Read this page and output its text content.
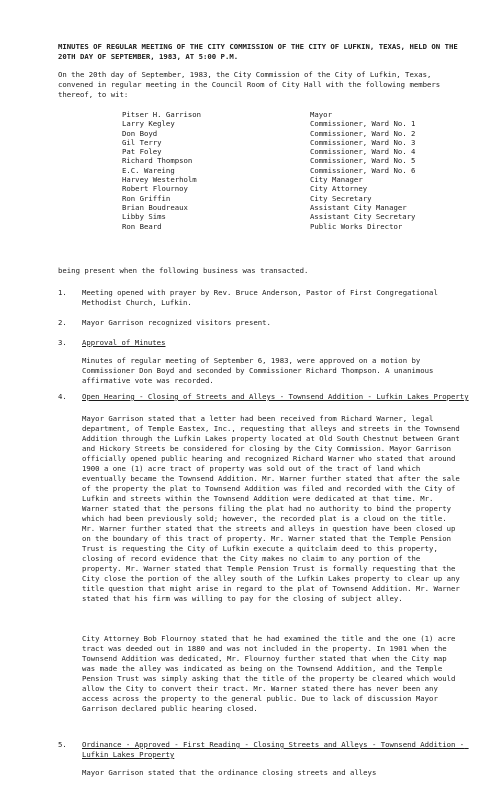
MINUTES OF REGULAR MEETING OF THE CITY COMMISSION OF THE CITY OF LUFKIN, TEXAS, HELD ON THE 20TH DAY OF SEPTEMBER, 1983, AT 5:00 P.M.
On the 20th day of September, 1983, the City Commission of the City of Lufkin, Texas, convened in regular meeting in the Council Room of City Hall with the following members thereof, to wit:
Pitser H. Garrison	Mayor
Larry Kegley	Commissioner, Ward No. 1
Don Boyd	Commissioner, Ward No. 2
Gil Terry	Commissioner, Ward No. 3
Pat Foley	Commissioner, Ward No. 4
Richard Thompson	Commissioner, Ward No. 5
E.C. Wareing	Commissioner, Ward No. 6
Harvey Westerholm	City Manager
Robert Flournoy	City Attorney
Ron Griffin	City Secretary
Brian Boudreaux	Assistant City Manager
Libby Sims	Assistant City Secretary
Ron Beard	Public Works Director
being present when the following business was transacted.
1. Meeting opened with prayer by Rev. Bruce Anderson, Pastor of First Congregational Methodist Church, Lufkin.
2. Mayor Garrison recognized visitors present.
3. Approval of Minutes
Minutes of regular meeting of September 6, 1983, were approved on a motion by Commissioner Don Boyd and seconded by Commissioner Richard Thompson. A unanimous affirmative vote was recorded.
4. Open Hearing - Closing of Streets and Alleys - Townsend Addition - Lufkin Lakes Property
Mayor Garrison stated that a letter had been received from Richard Warner, legal department, of Temple Eastex, Inc., requesting that alleys and streets in the Townsend Addition through the Lufkin Lakes property located at Old South Chestnut between Grant and Hickory Streets be considered for closing by the City Commission. Mayor Garrison officially opened public hearing and recognized Richard Warner who stated that around 1900 a one (1) acre tract of property was sold out of the tract of land which eventually became the Townsend Addition. Mr. Warner further stated that after the sale of the property the plat to Townsend Addition was filed and recorded with the City of Lufkin and streets within the Townsend Addition were dedicated at that time. Mr. Warner stated that the persons filing the plat had no authority to bind the property which had been previously sold; however, the recorded plat is a cloud on the title. Mr. Warner further stated that the streets and alleys in question have been closed up on the boundary of this tract of property. Mr. Warner stated that the Temple Pension Trust is requesting the City of Lufkin execute a quitclaim deed to this property, closing of record evidence that the City makes no claim to any portion of the property. Mr. Warner stated that Temple Pension Trust is formally requesting that the City close the portion of the alley south of the Lufkin Lakes property to clear up any title question that might arise in regard to the plat of Townsend Addition. Mr. Warner stated that his firm was willing to pay for the closing of subject alley.
City Attorney Bob Flournoy stated that he had examined the title and the one (1) acre tract was deeded out in 1880 and was not included in the property. In 1901 when the Townsend Addition was dedicated, Mr. Flournoy further stated that when the City map was made the alley was indicated as being on the Townsend Addition, and the Temple Pension Trust was simply asking that the title of the property be cleared which would allow the City to convert their tract. Mr. Warner stated there has never been any access across the property to the general public. Due to lack of discussion Mayor Garrison declared public hearing closed.
5. Ordinance - Approved - First Reading - Closing Streets and Alleys - Townsend Addition - Lufkin Lakes Property
Mayor Garrison stated that the ordinance closing streets and alleys
